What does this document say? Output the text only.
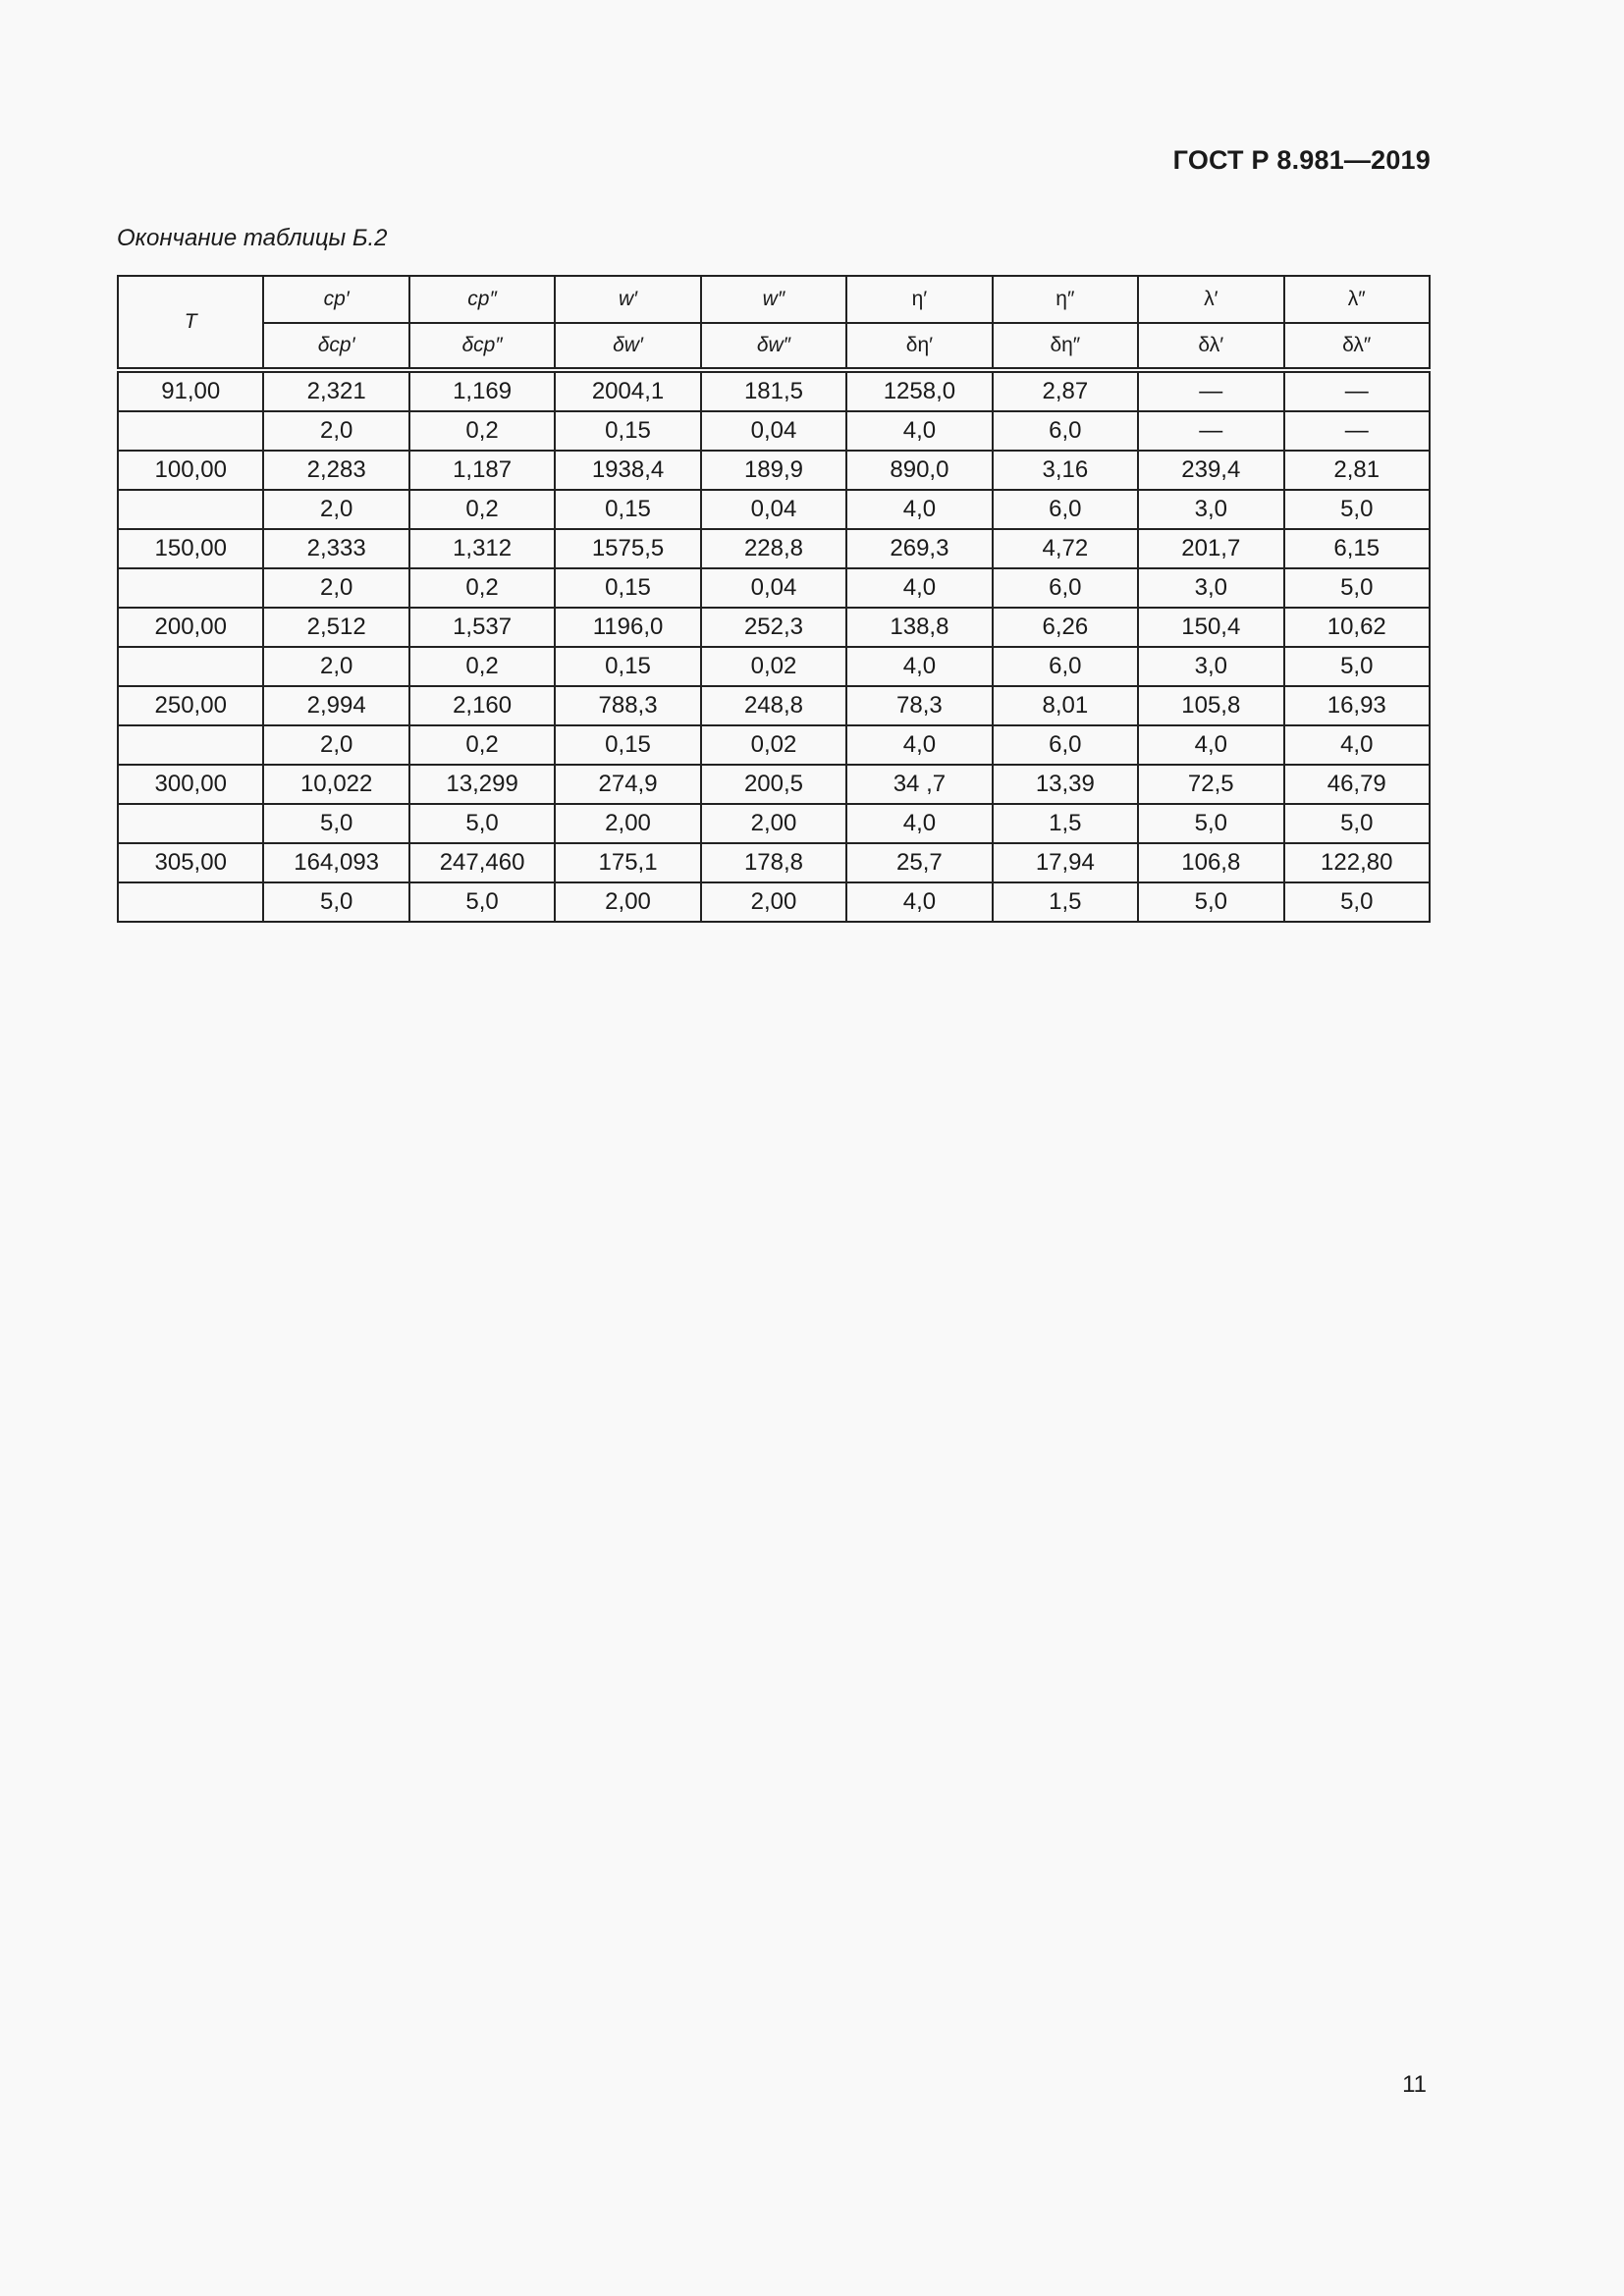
ГОСТ Р 8.981—2019
Окончание таблицы Б.2
T	cp′	cp″	w′	w″	η′	η″	λ′	λ″
	δcp′	δcp″	δw′	δw″	δη′	δη″	δλ′	δλ″
91,00	2,321	1,169	2004,1	181,5	1258,0	2,87	—	—
	2,0	0,2	0,15	0,04	4,0	6,0	—	—
100,00	2,283	1,187	1938,4	189,9	890,0	3,16	239,4	2,81
	2,0	0,2	0,15	0,04	4,0	6,0	3,0	5,0
150,00	2,333	1,312	1575,5	228,8	269,3	4,72	201,7	6,15
	2,0	0,2	0,15	0,04	4,0	6,0	3,0	5,0
200,00	2,512	1,537	1196,0	252,3	138,8	6,26	150,4	10,62
	2,0	0,2	0,15	0,02	4,0	6,0	3,0	5,0
250,00	2,994	2,160	788,3	248,8	78,3	8,01	105,8	16,93
	2,0	0,2	0,15	0,02	4,0	6,0	4,0	4,0
300,00	10,022	13,299	274,9	200,5	34 ,7	13,39	72,5	46,79
	5,0	5,0	2,00	2,00	4,0	1,5	5,0	5,0
305,00	164,093	247,460	175,1	178,8	25,7	17,94	106,8	122,80
	5,0	5,0	2,00	2,00	4,0	1,5	5,0	5,0
11
